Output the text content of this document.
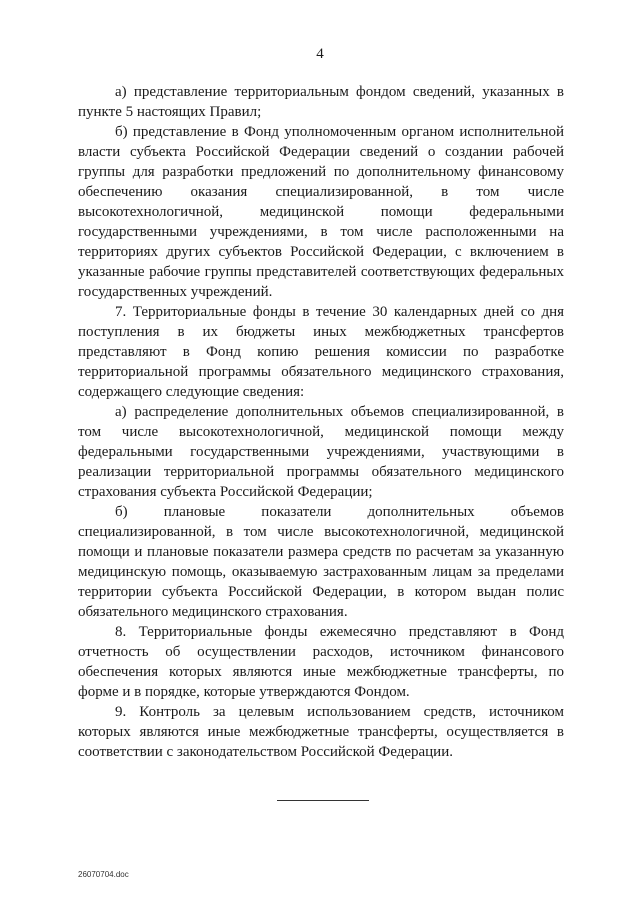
4

а) представление территориальным фондом сведений, указанных в пункте 5 настоящих Правил;

б) представление в Фонд уполномоченным органом исполнительной власти субъекта Российской Федерации сведений о создании рабочей группы для разработки предложений по дополнительному финансовому обеспечению оказания специализированной, в том числе высокотехнологичной, медицинской помощи федеральными государственными учреждениями, в том числе расположенными на территориях других субъектов Российской Федерации, с включением в указанные рабочие группы представителей соответствующих федеральных государственных учреждений.

7. Территориальные фонды в течение 30 календарных дней со дня поступления в их бюджеты иных межбюджетных трансфертов представляют в Фонд копию решения комиссии по разработке территориальной программы обязательного медицинского страхования, содержащего следующие сведения:

а) распределение дополнительных объемов специализированной, в том числе высокотехнологичной, медицинской помощи между федеральными государственными учреждениями, участвующими в реализации территориальной программы обязательного медицинского страхования субъекта Российской Федерации;

б) плановые показатели дополнительных объемов специализированной, в том числе высокотехнологичной, медицинской помощи и плановые показатели размера средств по расчетам за указанную медицинскую помощь, оказываемую застрахованным лицам за пределами территории субъекта Российской Федерации, в котором выдан полис обязательного медицинского страхования.

8. Территориальные фонды ежемесячно представляют в Фонд отчетность об осуществлении расходов, источником финансового обеспечения которых являются иные межбюджетные трансферты, по форме и в порядке, которые утверждаются Фондом.

9. Контроль за целевым использованием средств, источником которых являются иные межбюджетные трансферты, осуществляется в соответствии с законодательством Российской Федерации.

26070704.doc
